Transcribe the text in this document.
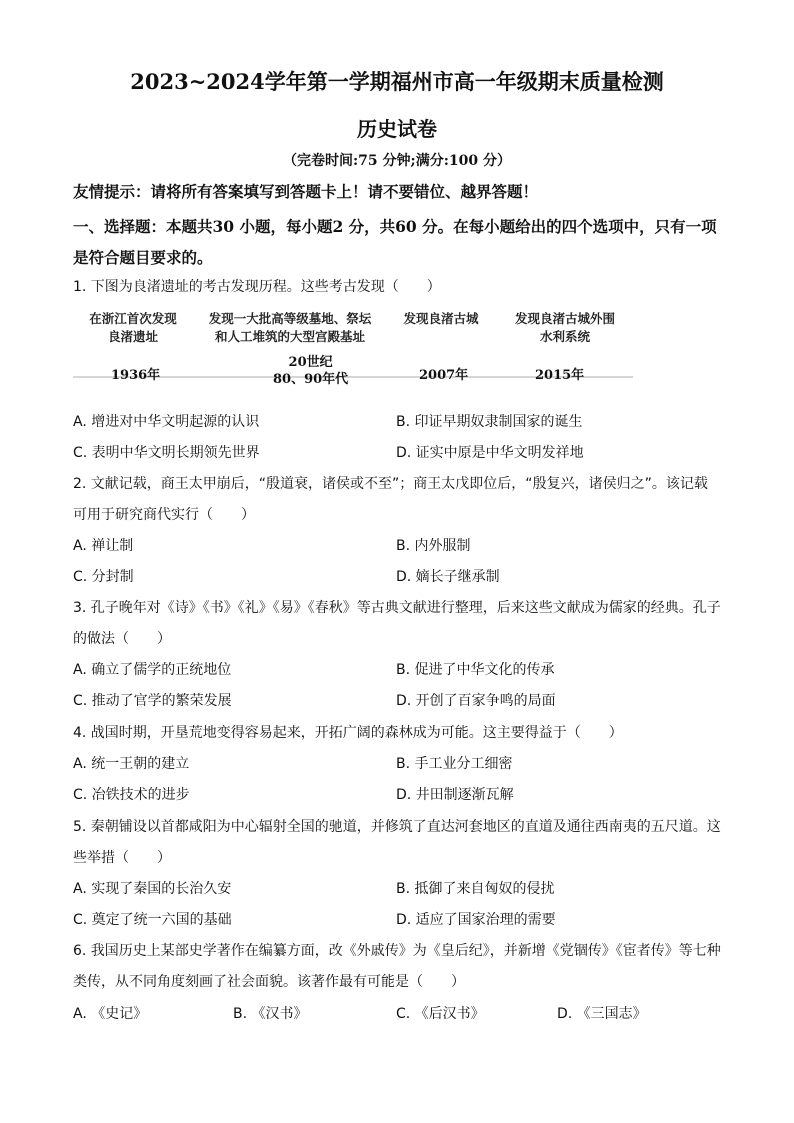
2023~2024学年第一学期福州市高一年级期末质量检测
历史试卷
（完卷时间:75 分钟;满分:100 分）
友情提示：请将所有答案填写到答题卡上！请不要错位、越界答题！
一、选择题：本题共30 小题，每小题2 分，共60 分。在每小题给出的四个选项中，只有一项是符合题目要求的。
1. 下图为良渚遗址的考古发现历程。这些考古发现（　　）
在浙江首次发现
良渚遗址
发现一大批高等级墓地、祭坛
和人工堆筑的大型宫殿基址
发现良渚古城	发现良渚古城外围
水利系统
1936年
20世纪
80、90年代	2007年	2015年
A. 增进对中华文明起源的认识	B. 印证早期奴隶制国家的诞生
C. 表明中华文明长期领先世界	D. 证实中原是中华文明发祥地
2. 文献记载，商王太甲崩后，“殷道衰，诸侯或不至”；商王太戊即位后，“殷复兴，诸侯归之”。该记载
可用于研究商代实行（　　）
A. 禅让制	B. 内外服制
C. 分封制	D. 嫡长子继承制
3. 孔子晚年对《诗》《书》《礼》《易》《春秋》等古典文献进行整理，后来这些文献成为儒家的经典。孔子
的做法（　　）
A. 确立了儒学的正统地位	B. 促进了中华文化的传承
C. 推动了官学的繁荣发展	D. 开创了百家争鸣的局面
4. 战国时期，开垦荒地变得容易起来，开拓广阔的森林成为可能。这主要得益于（　　）
A. 统一王朝的建立	B. 手工业分工细密
C. 冶铁技术的进步	D. 井田制逐渐瓦解
5. 秦朝铺设以首都咸阳为中心辐射全国的驰道，并修筑了直达河套地区的直道及通往西南夷的五尺道。这
些举措（　　）
A. 实现了秦国的长治久安	B. 抵御了来自匈奴的侵扰
C. 奠定了统一六国的基础	D. 适应了国家治理的需要
6. 我国历史上某部史学著作在编纂方面，改《外戚传》为《皇后纪》，并新增《党锢传》《宦者传》等七种
类传，从不同角度刻画了社会面貌。该著作最有可能是（　　）
A. 《史记》	B. 《汉书》	C. 《后汉书》	D. 《三国志》
